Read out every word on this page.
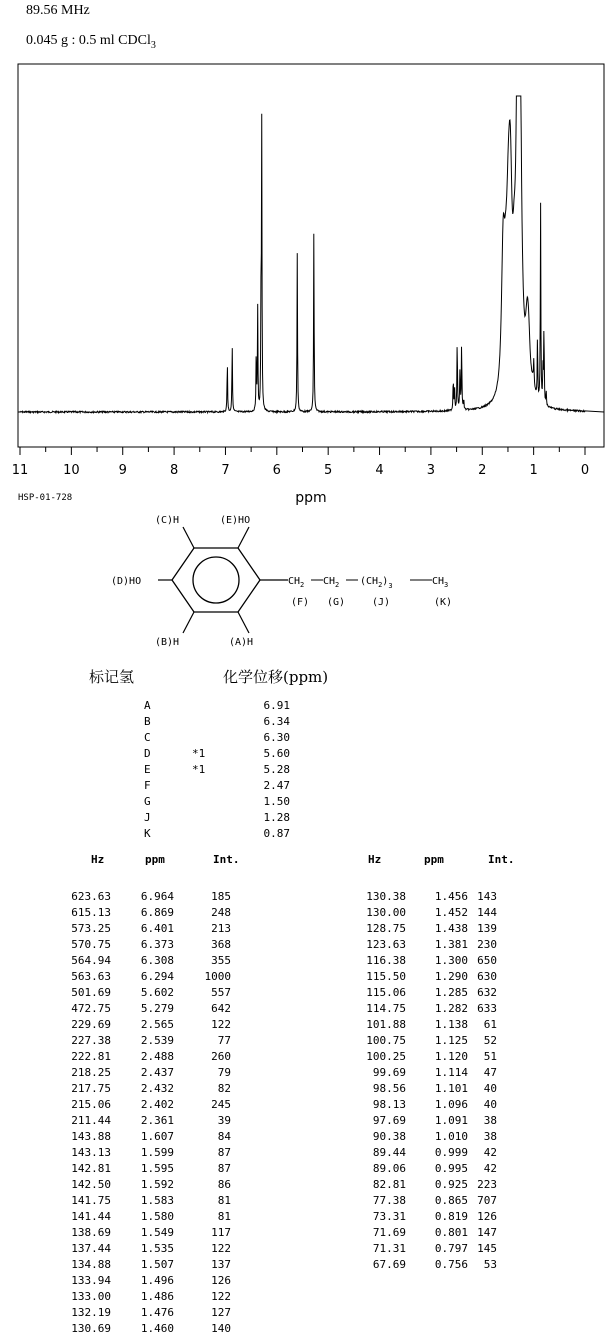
89.56 MHz
0.045 g : 0.5 ml CDCl$_3$
11	10	9	8	7	6	5	4	3	2	1	0
ppm
HSP-01-728
(C)H	(E)HO
(D)HO
(B)H	(A)H
$CH_2$ $CH_2$ $(CH_2)_3$	$CH_3$
(F) (G)	(J)	(K)
标记氢	化学位移(ppm)
A	6.91
B	6.34
C	6.30
D	*1	5.60
E	*1	5.28
F	2.47
G	1.50
J	1.28
K	0.87
Hz	ppm	Int.
623.63	6.964	185
615.13	6.869	248
573.25	6.401	213
570.75	6.373	368
564.94	6.308	355
563.63	6.294	1000
501.69	5.602	557
472.75	5.279	642
229.69	2.565	122
227.38	2.539	77
222.81	2.488	260
218.25	2.437	79
217.75	2.432	82
215.06	2.402	245
211.44	2.361	39
143.88	1.607	84
143.13	1.599	87
142.81	1.595	87
142.50	1.592	86
141.75	1.583	81
141.44	1.580	81
138.69	1.549	117
137.44	1.535	122
134.88	1.507	137
133.94	1.496	126
133.00	1.486	122
132.19	1.476	127
130.69	1.460	140
Hz	ppm	Int.
130.38	1.456 143
130.00	1.452 144
128.75	1.438 139
123.63	1.381 230
116.38	1.300 650
115.50	1.290 630
115.06	1.285 632
114.75	1.282 633
101.88	1.138 61
100.75	1.125 52
100.25	1.120 51
99.69	1.114 47
98.56	1.101 40
98.13	1.096 40
97.69	1.091 38
90.38	1.010 38
89.44	0.999 42
89.06	0.995 42
82.81	0.925 223
77.38	0.865 707
73.31	0.819 126
71.69	0.801 147
71.31	0.797 145
67.69	0.756 53
